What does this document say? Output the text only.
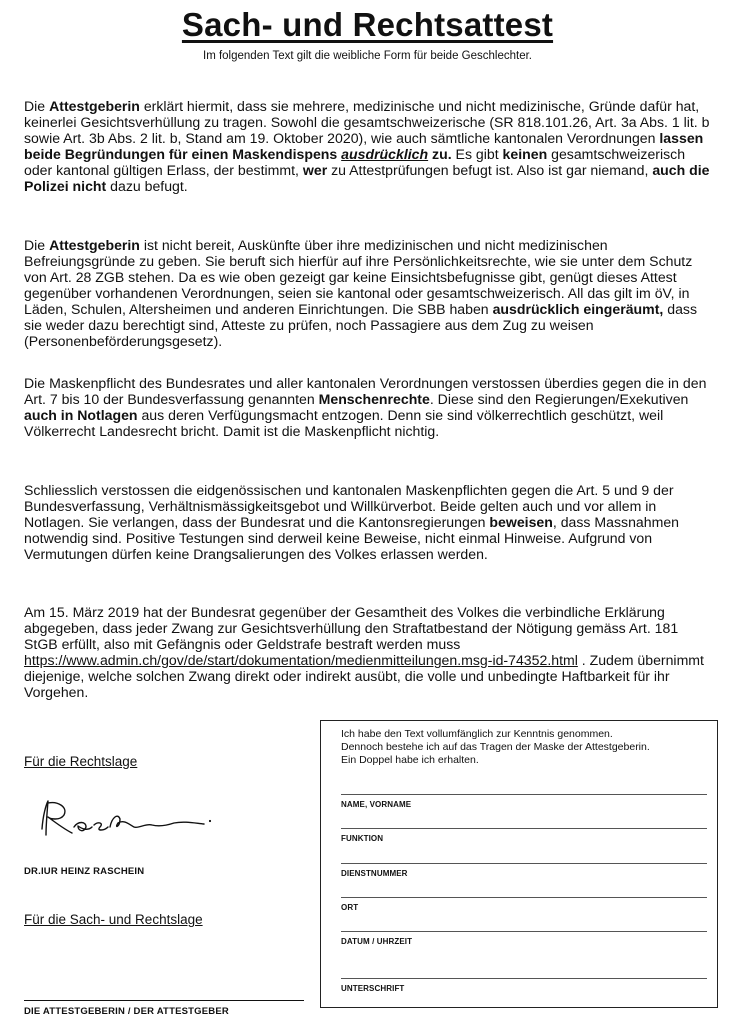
Sach- und Rechtsattest
Im folgenden Text gilt die weibliche Form für beide Geschlechter.

Die Attestgeberin erklärt hiermit, dass sie mehrere, medizinische und nicht medizinische, Gründe dafür hat, keinerlei Gesichtsverhüllung zu tragen. Sowohl die gesamtschweizerische (SR 818.101.26, Art. 3a Abs. 1 lit. b sowie Art. 3b Abs. 2 lit. b, Stand am 19. Oktober 2020), wie auch sämtliche kantonalen Verordnungen lassen beide Begründungen für einen Maskendispens ausdrücklich zu. Es gibt keinen gesamtschweizerisch oder kantonal gültigen Erlass, der bestimmt, wer zu Attestprüfungen befugt ist. Also ist gar niemand, auch die Polizei nicht dazu befugt.

Die Attestgeberin ist nicht bereit, Auskünfte über ihre medizinischen und nicht medizinischen Befreiungsgründe zu geben. Sie beruft sich hierfür auf ihre Persönlichkeitsrechte, wie sie unter dem Schutz von Art. 28 ZGB stehen. Da es wie oben gezeigt gar keine Einsichtsbefugnisse gibt, genügt dieses Attest gegenüber vorhandenen Verordnungen, seien sie kantonal oder gesamtschweizerisch. All das gilt im öV, in Läden, Schulen, Altersheimen und anderen Einrichtungen. Die SBB haben ausdrücklich eingeräumt, dass sie weder dazu berechtigt sind, Atteste zu prüfen, noch Passagiere aus dem Zug zu weisen (Personenbeförderungsgesetz).

Die Maskenpflicht des Bundesrates und aller kantonalen Verordnungen verstossen überdies gegen die in den Art. 7 bis 10 der Bundesverfassung genannten Menschenrechte. Diese sind den Regierungen/Exekutiven auch in Notlagen aus deren Verfügungsmacht entzogen. Denn sie sind völkerrechtlich geschützt, weil Völkerrecht Landesrecht bricht. Damit ist die Maskenpflicht nichtig.

Schliesslich verstossen die eidgenössischen und kantonalen Maskenpflichten gegen die Art. 5 und 9 der Bundesverfassung, Verhältnismässigkeitsgebot und Willkürverbot. Beide gelten auch und vor allem in Notlagen. Sie verlangen, dass der Bundesrat und die Kantonsregierungen beweisen, dass Massnahmen notwendig sind. Positive Testungen sind derweil keine Beweise, nicht einmal Hinweise. Aufgrund von Vermutungen dürfen keine Drangsalierungen des Volkes erlassen werden.

Am 15. März 2019 hat der Bundesrat gegenüber der Gesamtheit des Volkes die verbindliche Erklärung abgegeben, dass jeder Zwang zur Gesichtsverhüllung den Straftatbestand der Nötigung gemäss Art. 181 StGB erfüllt, also mit Gefängnis oder Geldstrafe bestraft werden muss https://www.admin.ch/gov/de/start/dokumentation/medienmitteilungen.msg-id-74352.html . Zudem übernimmt diejenige, welche solchen Zwang direkt oder indirekt ausübt, die volle und unbedingte Haftbarkeit für ihr Vorgehen.

Für die Rechtslage
DR.IUR HEINZ RASCHEIN
Für die Sach- und Rechtslage
DIE ATTESTGEBERIN / DER ATTESTGEBER
Ich habe den Text vollumfänglich zur Kenntnis genommen.
Dennoch bestehe ich auf das Tragen der Maske der Attestgeberin.
Ein Doppel habe ich erhalten.
NAME, VORNAME
FUNKTION
DIENSTNUMMER
ORT
DATUM / UHRZEIT
UNTERSCHRIFT
